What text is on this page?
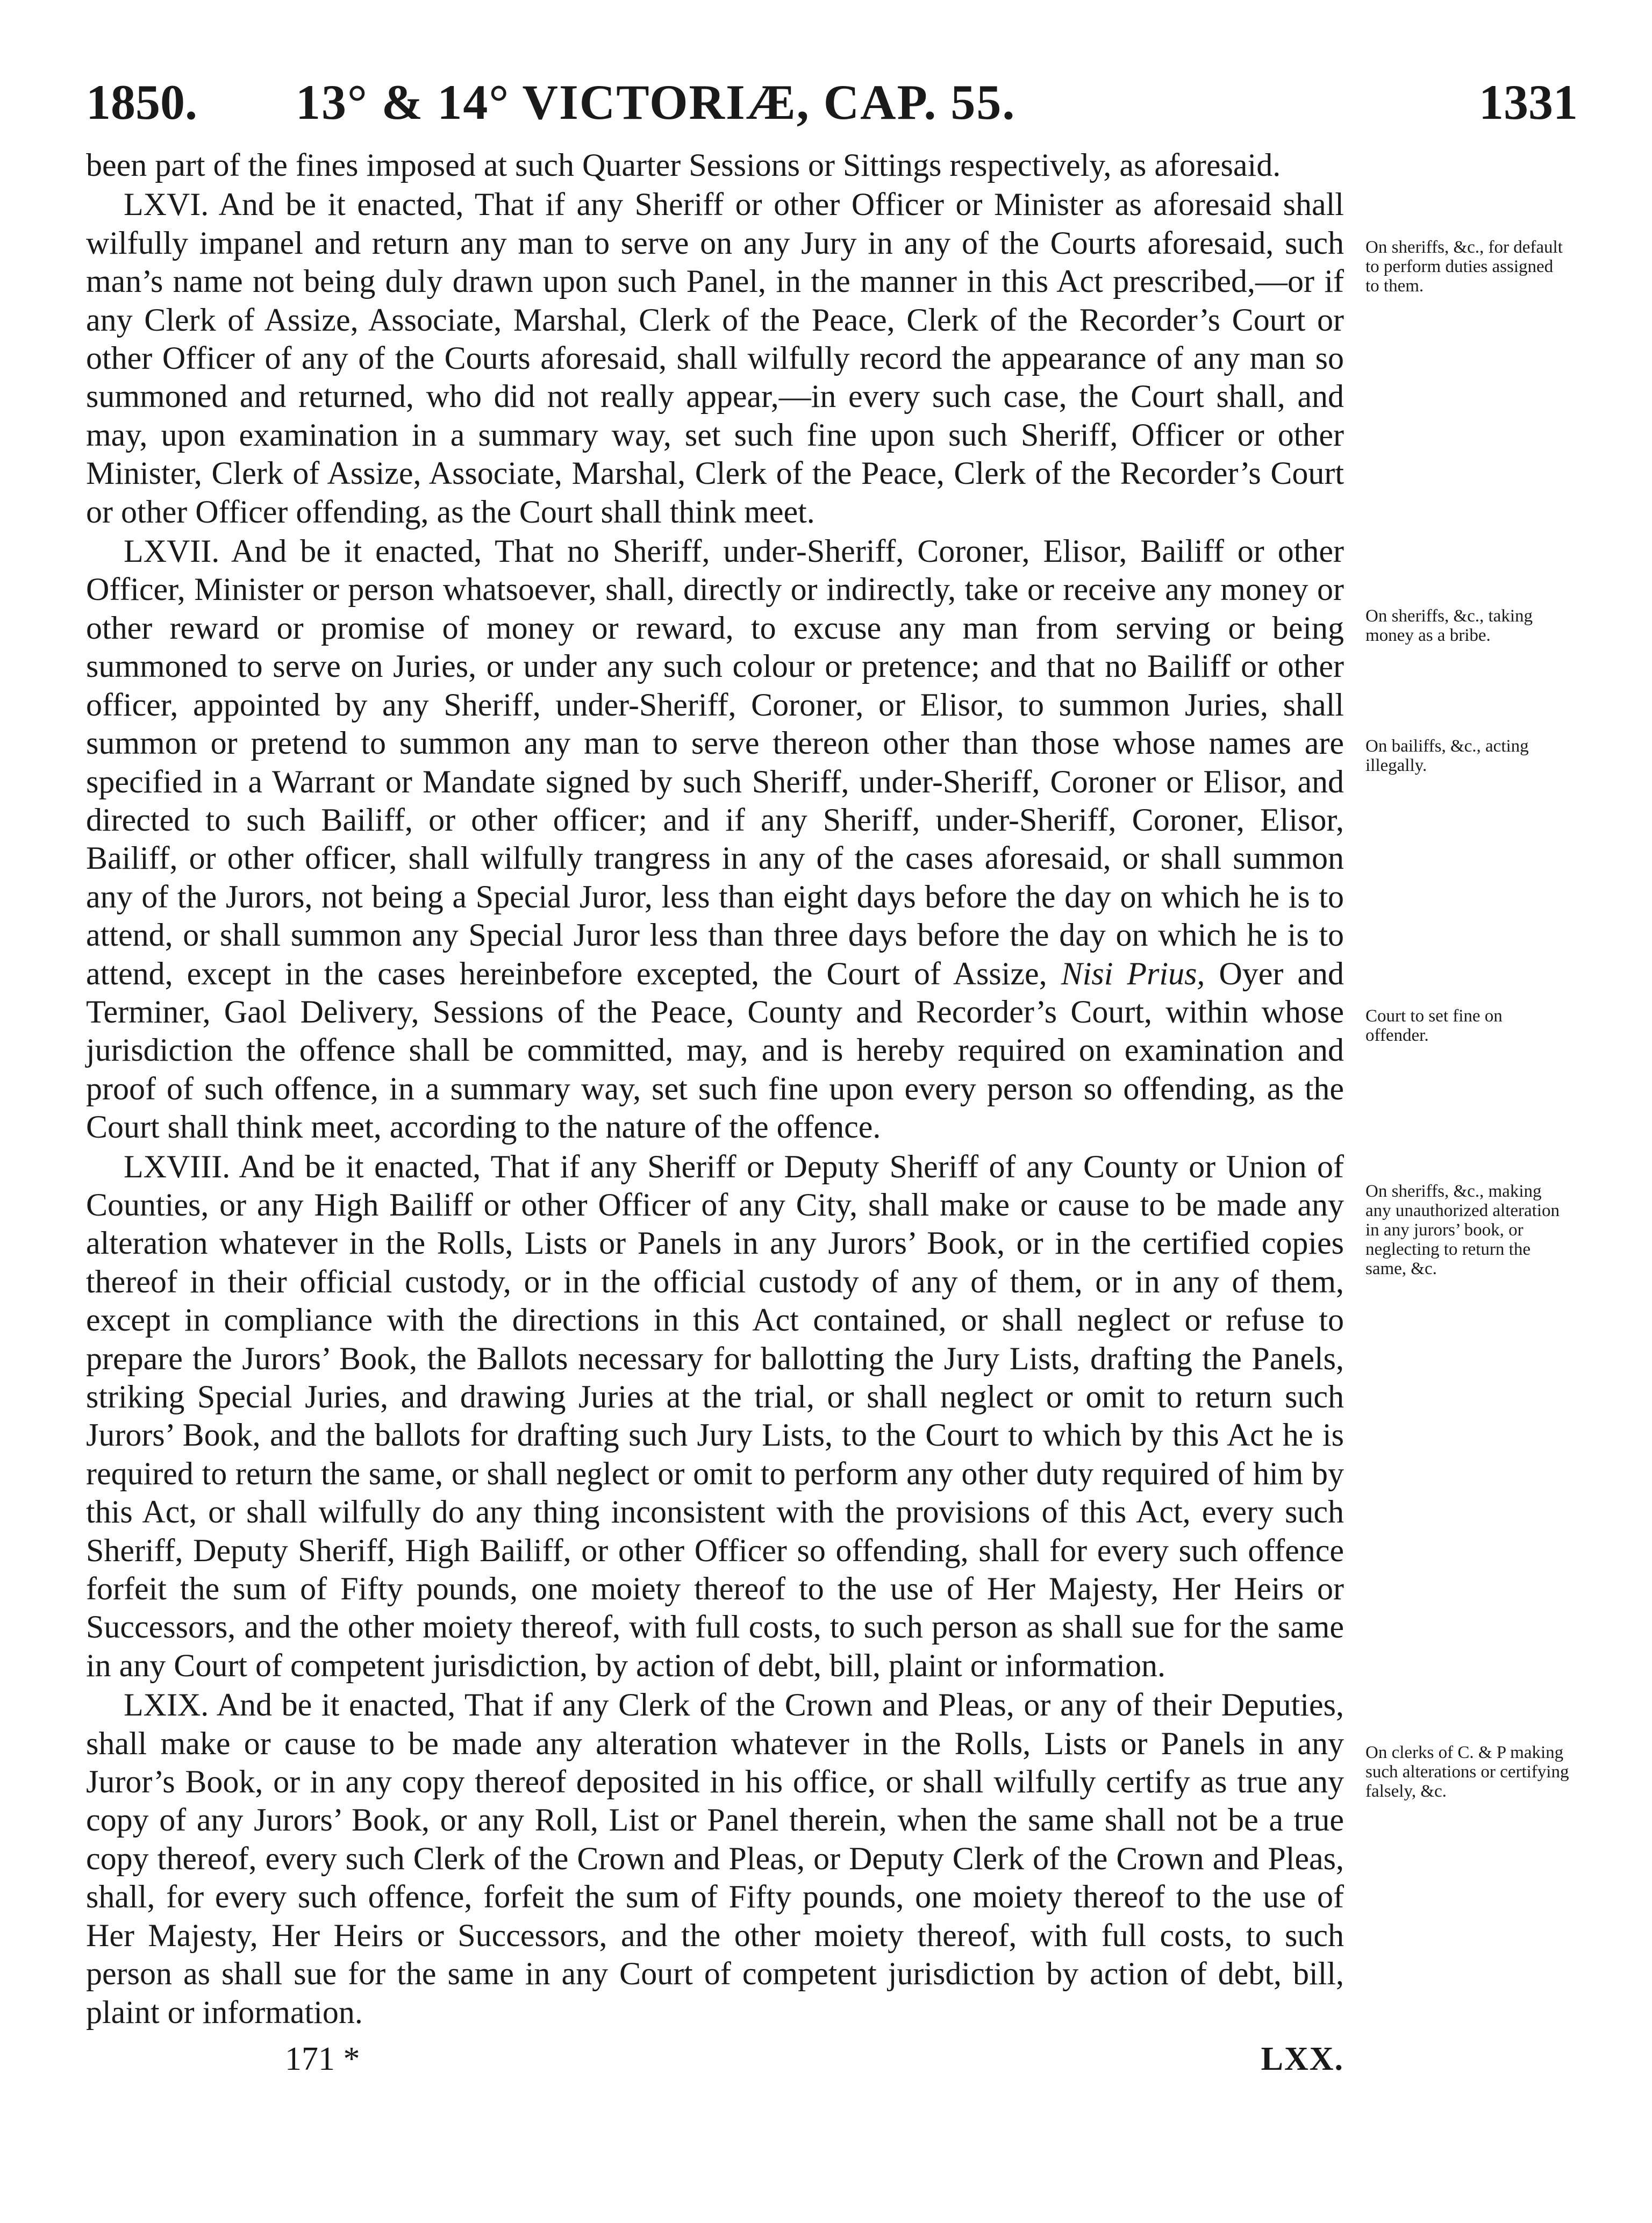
1850. 13° & 14° VICTORIÆ, CAP. 55.	1331

been part of the fines imposed at such Quarter Sessions or Sittings respectively, as aforesaid.

LXVI. And be it enacted, That if any Sheriff or other Officer or Minister as aforesaid shall wilfully impanel and return any man to serve on any Jury in any of the Courts aforesaid, such man’s name not being duly drawn upon such Panel, in the manner in this Act prescribed,—or if any Clerk of Assize, Associate, Marshal, Clerk of the Peace, Clerk of the Recorder’s Court or other Officer of any of the Courts aforesaid, shall wilfully record the appearance of any man so summoned and returned, who did not really appear,—in every such case, the Court shall, and may, upon examination in a summary way, set such fine upon such Sheriff, Officer or other Minister, Clerk of Assize, Associate, Marshal, Clerk of the Peace, Clerk of the Recorder’s Court or other Officer offending, as the Court shall think meet.

LXVII. And be it enacted, That no Sheriff, under-Sheriff, Coroner, Elisor, Bailiff or other Officer, Minister or person whatsoever, shall, directly or indirectly, take or receive any money or other reward or promise of money or reward, to excuse any man from serving or being summoned to serve on Juries, or under any such colour or pretence; and that no Bailiff or other officer, appointed by any Sheriff, under-Sheriff, Coroner, or Elisor, to summon Juries, shall summon or pretend to summon any man to serve thereon other than those whose names are specified in a Warrant or Mandate signed by such Sheriff, under-Sheriff, Coroner or Elisor, and directed to such Bailiff, or other officer; and if any Sheriff, under-Sheriff, Coroner, Elisor, Bailiff, or other officer, shall wilfully trangress in any of the cases aforesaid, or shall summon any of the Jurors, not being a Special Juror, less than eight days before the day on which he is to attend, or shall summon any Special Juror less than three days before the day on which he is to attend, except in the cases hereinbefore excepted, the Court of Assize, Nisi Prius, Oyer and Terminer, Gaol Delivery, Sessions of the Peace, County and Recorder’s Court, within whose jurisdiction the offence shall be committed, may, and is hereby required on examination and proof of such offence, in a summary way, set such fine upon every person so offending, as the Court shall think meet, according to the nature of the offence.

LXVIII. And be it enacted, That if any Sheriff or Deputy Sheriff of any County or Union of Counties, or any High Bailiff or other Officer of any City, shall make or cause to be made any alteration whatever in the Rolls, Lists or Panels in any Jurors’ Book, or in the certified copies thereof in their official custody, or in the official custody of any of them, or in any of them, except in compliance with the directions in this Act contained, or shall neglect or refuse to prepare the Jurors’ Book, the Ballots necessary for ballotting the Jury Lists, drafting the Panels, striking Special Juries, and drawing Juries at the trial, or shall neglect or omit to return such Jurors’ Book, and the ballots for drafting such Jury Lists, to the Court to which by this Act he is required to return the same, or shall neglect or omit to perform any other duty required of him by this Act, or shall wilfully do any thing inconsistent with the provisions of this Act, every such Sheriff, Deputy Sheriff, High Bailiff, or other Officer so offending, shall for every such offence forfeit the sum of Fifty pounds, one moiety thereof to the use of Her Majesty, Her Heirs or Successors, and the other moiety thereof, with full costs, to such person as shall sue for the same in any Court of competent jurisdiction, by action of debt, bill, plaint or information.

LXIX. And be it enacted, That if any Clerk of the Crown and Pleas, or any of their Deputies, shall make or cause to be made any alteration whatever in the Rolls, Lists or Panels in any Juror’s Book, or in any copy thereof deposited in his office, or shall wilfully certify as true any copy of any Jurors’ Book, or any Roll, List or Panel therein, when the same shall not be a true copy thereof, every such Clerk of the Crown and Pleas, or Deputy Clerk of the Crown and Pleas, shall, for every such offence, forfeit the sum of Fifty pounds, one moiety thereof to the use of Her Majesty, Her Heirs or Successors, and the other moiety thereof, with full costs, to such person as shall sue for the same in any Court of competent jurisdiction by action of debt, bill, plaint or information.

On sheriffs, &c., for default to perform duties assigned to them.
On sheriffs, &c., taking money as a bribe.
On bailiffs, &c., acting illegally.
Court to set fine on offender.
On sheriffs, &c., making any unauthorized alteration in any jurors’ book, or neglecting to return the same, &c.
On clerks of C. & P making such alterations or certifying falsely, &c.
171 *	LXX.
